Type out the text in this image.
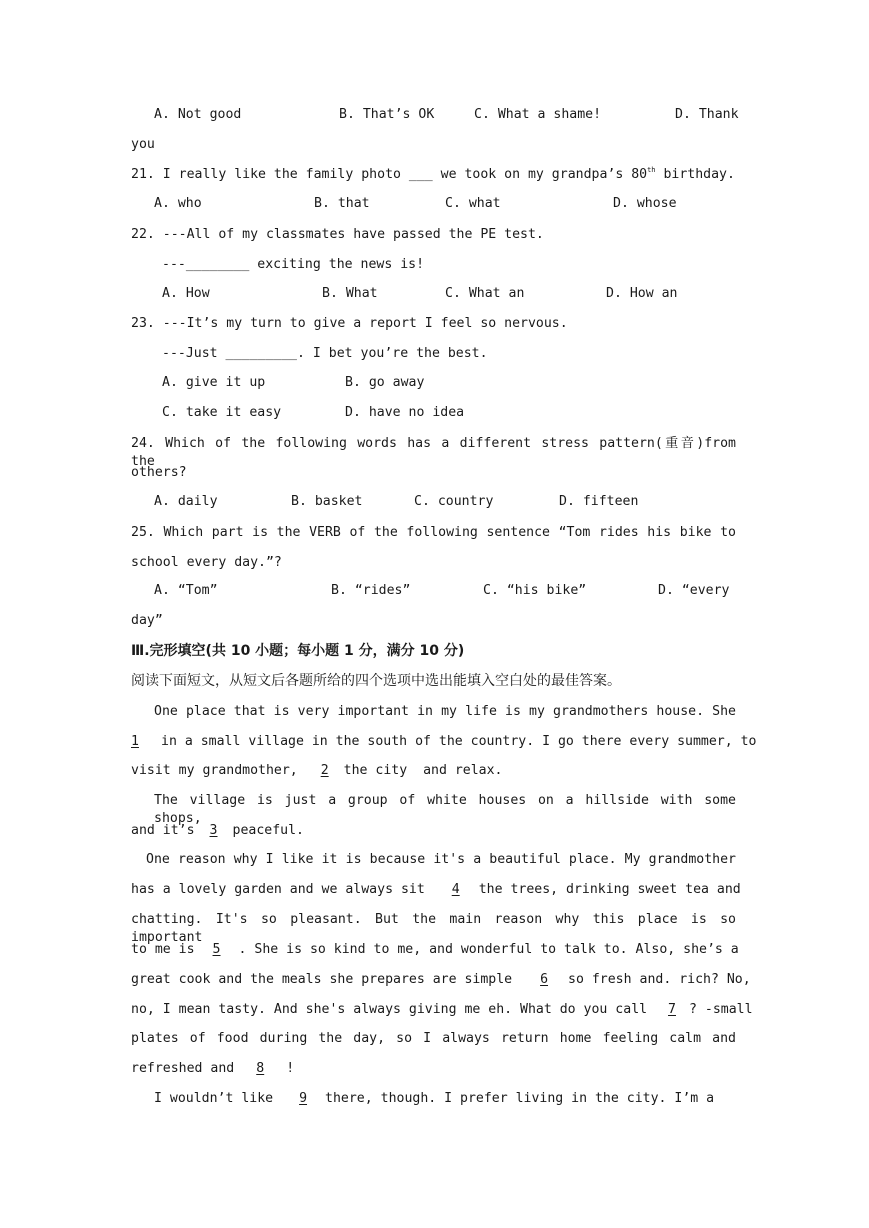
A. Not good	B. That’s OK	C. What a shame!	D. Thank
you
21. I really like the family photo ___ we took on my grandpa’s 80th birthday.
A. who	B. that	C. what	D. whose
22. ---All of my classmates have passed the PE test.
---________ exciting the news is!
A. How	B. What	C. What an	D. How an
23. ---It’s my turn to give a report I feel so nervous.
---Just _________. I bet you’re the best.
A. give it up	B. go away
C. take it easy	D. have no idea
24. Which of the following words has a different stress pattern(重音)from the
others?
A. daily	B. basket	C. country	D. fifteen
25. Which part is the VERB of the following sentence “Tom rides his bike to
school every day.”?
A. “Tom”	B. “rides”	C. “his bike”	D. “every
day”
Ⅲ.完形填空(共 10 小题；每小题 1 分，满分 10 分)
阅读下面短文，从短文后各题所给的四个选项中选出能填入空白处的最佳答案。
One place that is very important in my life is my grandmothers house. She
1 in a small village in the south of the country. I go there every summer, to
visit my grandmother, 2 the city  and relax.
The village is just a group of white houses on a hillside with some shops,
and it’s 3 peaceful.
One reason why I like it is because it's a beautiful place. My grandmother
has a lovely garden and we always sit 4 the trees, drinking sweet tea and
chatting. It's so pleasant. But the main reason why this place is so important
to me is 5 . She is so kind to me, and wonderful to talk to. Also, she’s a
great cook and the meals she prepares are simple 6 so fresh and. rich? No,
no, I mean tasty. And she's always giving me eh. What do you call 7 ? -small
plates of food during the day, so I always return home feeling calm and
refreshed and 8 !
I wouldn’t like 9 there, though. I prefer living in the city. I’m a
